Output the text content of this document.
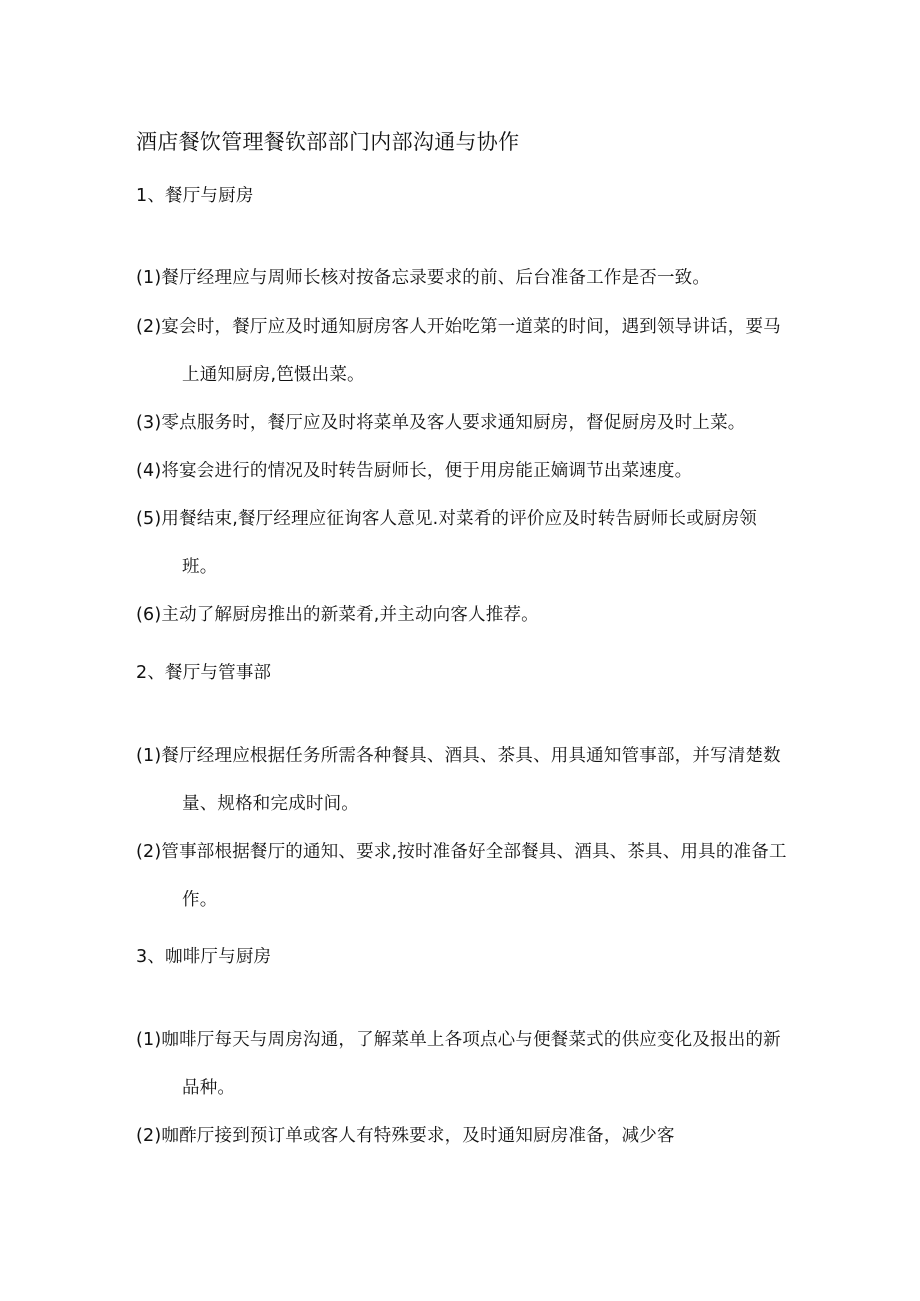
酒店餐饮管理餐钦部部门内部沟通与协作
1、餐厅与厨房
(1)餐厅经理应与周师长核对按备忘录要求的前、后台准备工作是否一致。
(2)宴会时，餐厅应及时通知厨房客人开始吃第一道菜的时间，遇到领导讲话，要马
上通知厨房,笆慑出菜。
(3)零点服务时，餐厅应及时将菜单及客人要求通知厨房，督促厨房及时上菜。
(4)将宴会进行的情况及时转告厨师长，便于用房能正嫡调节出菜速度。
(5)用餐结束,餐厅经理应征询客人意见.对菜肴的评价应及时转告厨师长或厨房领
班。
(6)主动了解厨房推出的新菜肴,并主动向客人推荐。
2、餐厅与管事部
(1)餐厅经理应根据任务所需各种餐具、酒具、茶具、用具通知管事部，并写清楚数
量、规格和完成时间。
(2)管事部根据餐厅的通知、要求,按时准备好全部餐具、酒具、茶具、用具的准备工
作。
3、咖啡厅与厨房
(1)咖啡厅每天与周房沟通，了解菜单上各项点心与便餐菜式的供应变化及报出的新
品种。
(2)咖酢厅接到预订单或客人有特殊要求，及时通知厨房准备，减少客
